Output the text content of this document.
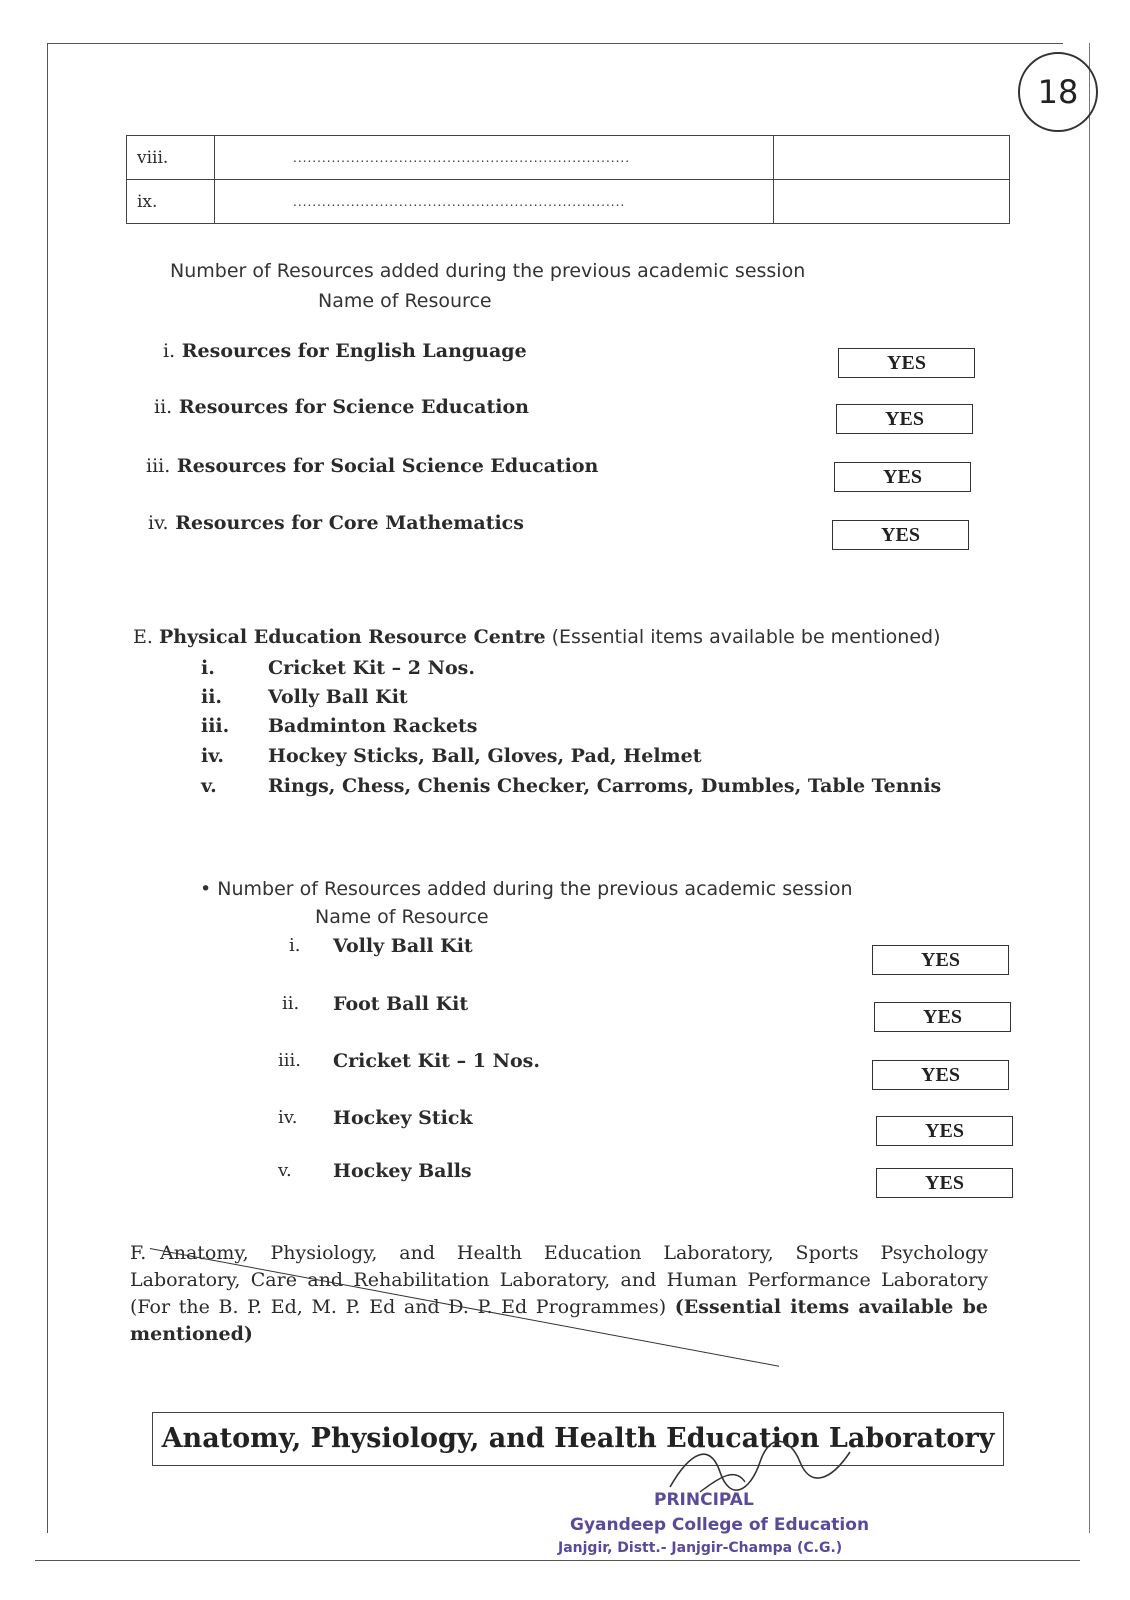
18
viii.	......................................................................	
ix.	.....................................................................	
Number of Resources added during the previous academic session
Name of Resource
i. Resources for English Language
YES
ii. Resources for Science Education
YES
iii. Resources for Social Science Education	YES
iv. Resources for Core Mathematics
YES
E. Physical Education Resource Centre (Essential items available be mentioned)
i.	Cricket Kit – 2 Nos.
ii. Volly Ball Kit
iii. Badminton Rackets
iv. Hockey Sticks, Ball, Gloves, Pad, Helmet
v.	Rings, Chess, Chenis Checker, Carroms, Dumbles, Table Tennis
• Number of Resources added during the previous academic session
Name of Resource
i. Volly Ball Kit
YES
ii. Foot Ball Kit
YES
iii. Cricket Kit – 1 Nos.
YES
iv. Hockey Stick
YES
v. Hockey Balls
YES
F. Anatomy, Physiology, and Health Education Laboratory, Sports Psychology Laboratory, Care and Rehabilitation Laboratory, and Human Performance Laboratory (For the B. P. Ed, M. P. Ed and D. P. Ed Programmes) (Essential items available be mentioned)
Anatomy, Physiology, and Health Education Laboratory
PRINCIPAL
Gyandeep College of Education
Janjgir, Distt.- Janjgir-Champa (C.G.)
